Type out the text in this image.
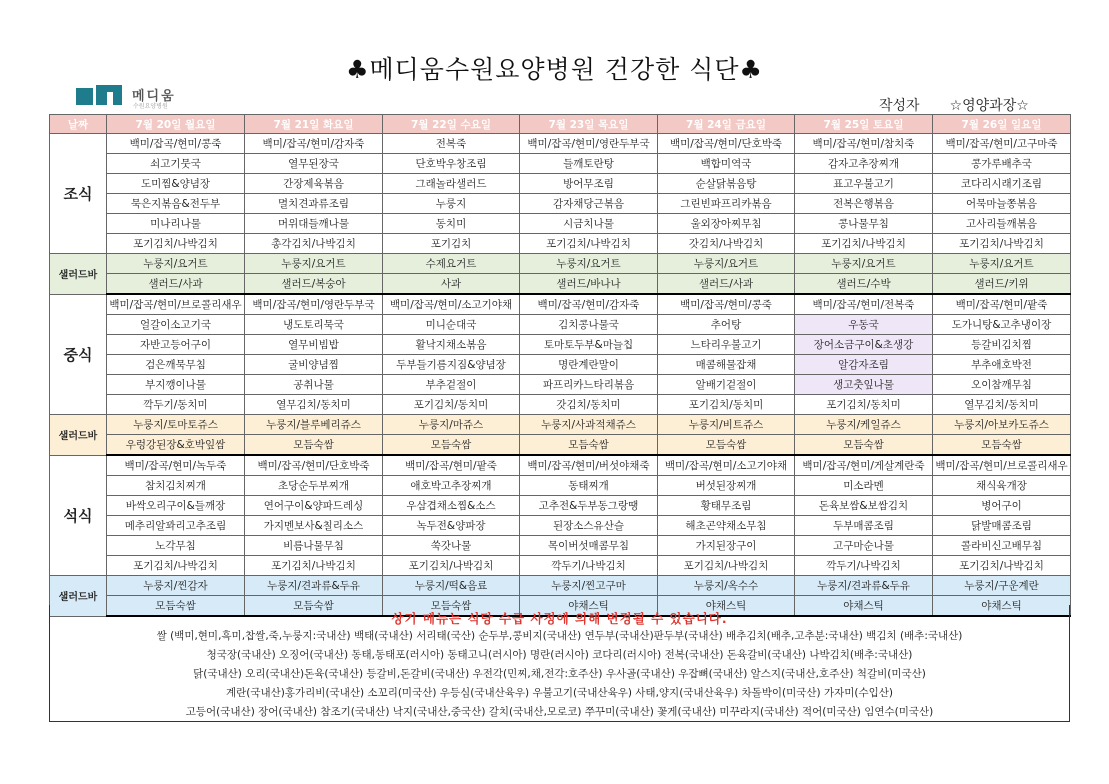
♣메디움수원요양병원 건강한 식단♣
메디움
수원요양병원	작성자 ☆영양과장☆
날짜	7월 20일 월요일	7월 21일 화요일	7월 22일 수요일	7월 23일 목요일	7월 24일 금요일	7월 25일 토요일	7월 26일 일요일
조식	백미/잡곡/현미/콩죽	백미/잡곡/현미/감자죽	전복죽	백미/잡곡/현미/영란두부국	백미/잡곡/현미/단호박죽	백미/잡곡/현미/참치죽	백미/잡곡/현미/고구마죽
	쇠고기뭇국	열무된장국	단호박우창조림	들깨토란탕	백합미역국	감자고추장찌개	콩가루배추국
	도미찜&양념장	간장제육볶음	그래놀라샐러드	방어무조림	순살닭볶음탕	표고우불고기	코다리시래기조림
	묵은지볶음&전두부	멸치견과류조림	누룽지	감자채당근볶음	그린빈파프리카볶음	전복은행볶음	어묵마늘쫑볶음
	미나리나물	머위대들깨나물	동치미	시금치나물	울외장아찌무침	콩나물무침	고사리들깨볶음
	포기김치/나박김치	총각김치/나박김치	포기김치	포기김치/나박김치	갓김치/나박김치	포기김치/나박김치	포기김치/나박김치
샐러드바	누룽지/요거트	누룽지/요거트	수제요거트	누룽지/요거트	누룽지/요거트	누룽지/요거트	누룽지/요거트
	샐러드/사과	샐러드/복숭아	사과	샐러드/바나나	샐러드/사과	샐러드/수박	샐러드/키위
중식	백미/잡곡/현미/브로콜리새우	백미/잡곡/현미/영란두부국	백미/잡곡/현미/소고기야채	백미/잡곡/현미/감자죽	백미/잡곡/현미/콩죽	백미/잡곡/현미/전복죽	백미/잡곡/현미/팥죽
	얼갈이소고기국	냉도토리묵국	미니순대국	김치콩나물국	추어탕	우동국	도가니탕&고추냉이장
	자반고등어구이	열무비빔밥	활낙지채소볶음	토마토두부&마늘칩	느타리우불고기	장어소금구이&초생강	등갈비김치찜
	검은깨묵무침	굴비양념찜	두부들기름지짐&양념장	명란계란말이	매콤해물잡채	알감자조림	부추애호박전
	부지깽이나물	공취나물	부추겉절이	파프리카느타리볶음	알배기겉절이	생고춧잎나물	오이참깨무침
	깍두기/동치미	열무김치/동치미	포기김치/동치미	갓김치/동치미	포기김치/동치미	포기김치/동치미	열무김치/동치미
샐러드바	누룽지/토마토쥬스	누룽지/블루베리쥬스	누룽지/마쥬스	누룽지/사과적채쥬스	누룽지/비트쥬스	누룽지/케일쥬스	누룽지/아보카도쥬스
	우렁강된장&호박잎쌈	모듬숙쌈	모듬숙쌈	모듬숙쌈	모듬숙쌈	모듬숙쌈	모듬숙쌈
석식	백미/잡곡/현미/녹두죽	백미/잡곡/현미/단호박죽	백미/잡곡/현미/팥죽	백미/잡곡/현미/버섯야채죽	백미/잡곡/현미/소고기야채	백미/잡곡/현미/게살계란죽	백미/잡곡/현미/브로콜리새우
	참치김치찌개	초당순두부찌개	애호박고추장찌개	동태찌개	버섯된장찌개	미소라멘	채식육개장
	바싹오리구이&들깨장	연어구이&양파드레싱	우삼겹채소찜&소스	고추전&두부동그랑땡	황태무조림	돈육보쌈&보쌈김치	병어구이
	메추리알꽈리고추조림	가지멘보사&칠리소스	녹두전&양파장	된장소스유산슬	해초곤약채소무침	두부매콤조림	닭발매콤조림
	노각무침	비름나물무침	쑥갓나물	목이버섯매콤무침	가지된장구이	고구마순나물	콜라비신고배무침
	포기김치/나박김치	포기김치/나박김치	포기김치/나박김치	깍두기/나박김치	포기김치/나박김치	깍두기/나박김치	포기김치/나박김치
샐러드바	누룽지/찐감자	누룽지/견과류&두유	누룽지/떡&음료	누룽지/찐고구마	누룽지/옥수수	누룽지/견과류&두유	누룽지/구운계란
	모듬숙쌈	모듬숙쌈	모듬숙쌈	야채스틱	야채스틱	야채스틱	야채스틱
상기 메뉴는 식당 수급 사정에 의해 변경될 수 있습니다.
쌀 (백미,현미,흑미,찹쌀,죽,누룽지:국내산) 백태(국내산) 서리태(국산) 순두부,콩비지(국내산) 연두부(국내산)판두부(국내산) 배추김치(배추,고추분:국내산) 백김치 (배추:국내산)
청국장(국내산) 오징어(국내산) 동태,동태포(러시아) 동태고니(러시아) 명란(러시아) 코다리(러시아) 전복(국내산) 돈육갈비(국내산) 나박김치(배추:국내산)
닭(국내산) 오리(국내산)돈육(국내산) 등갈비,돈갈비(국내산) 우전각(민찌,채,전각:호주산) 우사골(국내산) 우잡뼈(국내산) 알스지(국내산,호주산) 척갈비(미국산)
계란(국내산)홍가리비(국내산) 소꼬리(미국산) 우등심(국내산육우) 우불고기(국내산육우) 사태,양지(국내산육우) 차돌박이(미국산) 가자미(수입산)
고등어(국내산) 장어(국내산) 참조기(국내산) 낙지(국내산,중국산) 갈치(국내산,모로코) 쭈꾸미(국내산) 꽃게(국내산) 미꾸라지(국내산) 적어(미국산) 임연수(미국산)
